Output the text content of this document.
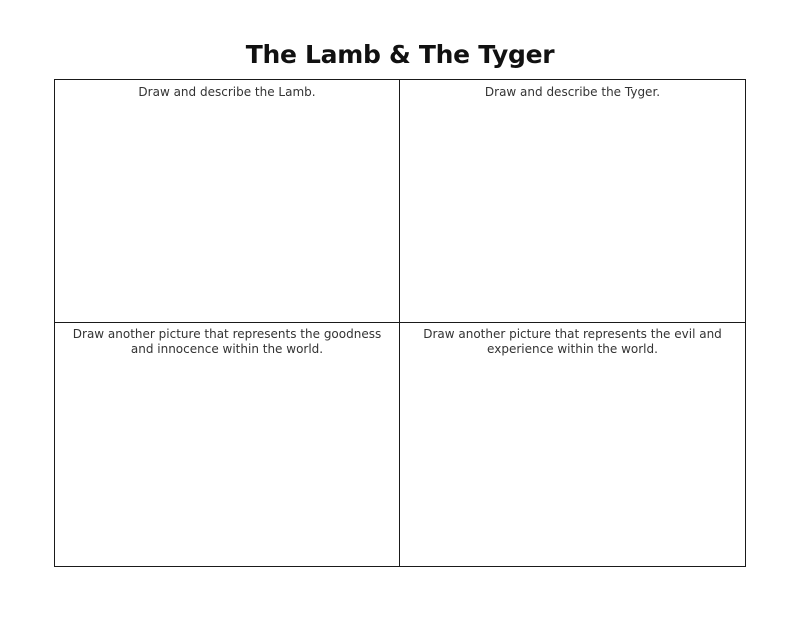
The Lamb & The Tyger
Draw and describe the Lamb.	Draw and describe the Tyger.
Draw another picture that represents the goodness and innocence within the world.
Draw another picture that represents the evil and experience within the world.
